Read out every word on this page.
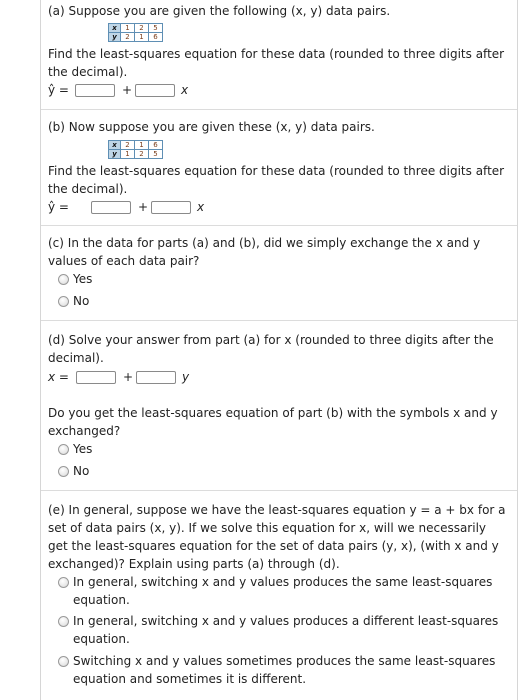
(a) Suppose you are given the following (x, y) data pairs.
x	1	2	5
y	2	1	6
Find the least-squares equation for these data (rounded to three digits after
the decimal).
ŷ =	+	x
(b) Now suppose you are given these (x, y) data pairs.
x	2	1	6
y	1	2	5
Find the least-squares equation for these data (rounded to three digits after
the decimal).
ŷ =	+	x
(c) In the data for parts (a) and (b), did we simply exchange the x and y
values of each data pair?
Yes
No
(d) Solve your answer from part (a) for x (rounded to three digits after the
decimal).
x =	+	y
Do you get the least-squares equation of part (b) with the symbols x and y
exchanged?
Yes
No
(e) In general, suppose we have the least-squares equation y = a + bx for a
set of data pairs (x, y). If we solve this equation for x, will we necessarily
get the least-squares equation for the set of data pairs (y, x), (with x and y
exchanged)? Explain using parts (a) through (d).
In general, switching x and y values produces the same least-squares
equation.
In general, switching x and y values produces a different least-squares
equation.
Switching x and y values sometimes produces the same least-squares
equation and sometimes it is different.
